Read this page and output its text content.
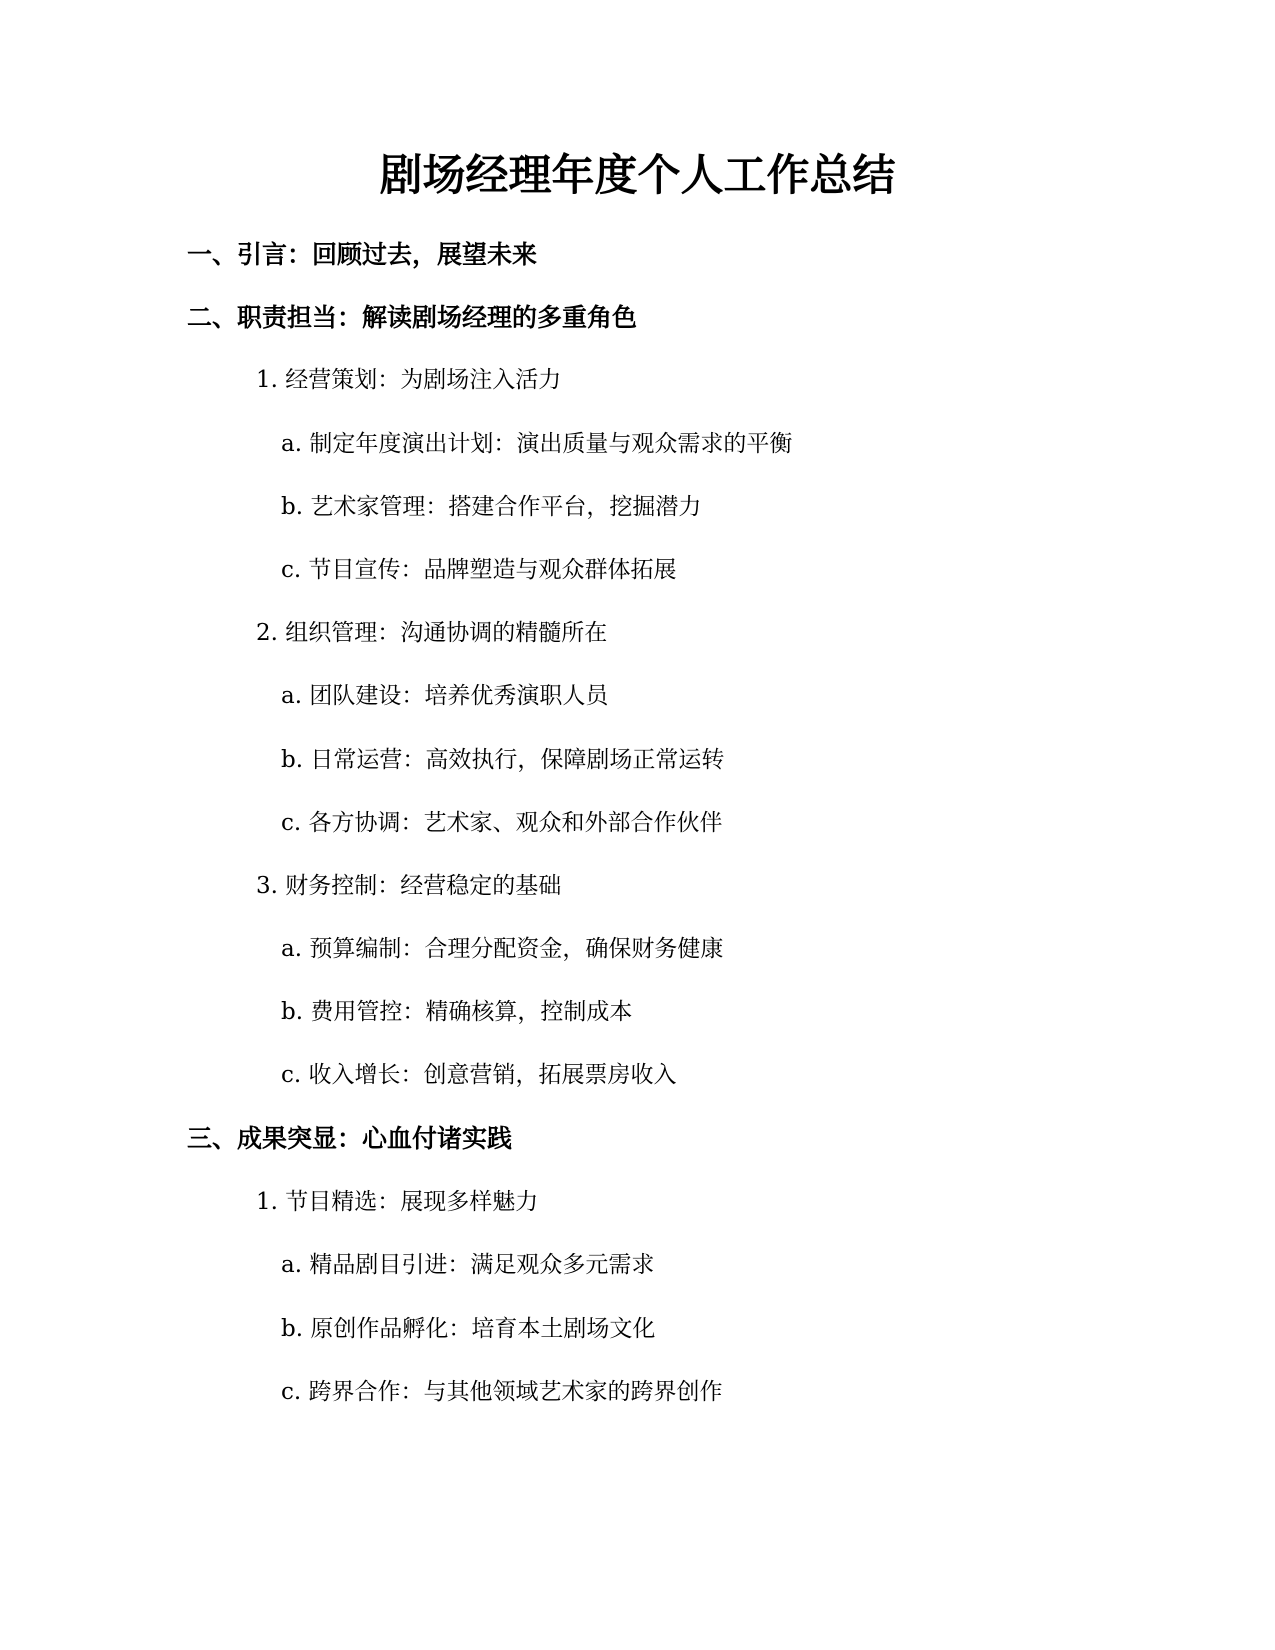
剧场经理年度个人工作总结
一、引言：回顾过去，展望未来
二、职责担当：解读剧场经理的多重角色

1. 经营策划：为剧场注入活力

a. 制定年度演出计划：演出质量与观众需求的平衡

b. 艺术家管理：搭建合作平台，挖掘潜力

c. 节目宣传：品牌塑造与观众群体拓展

2. 组织管理：沟通协调的精髓所在

a. 团队建设：培养优秀演职人员

b. 日常运营：高效执行，保障剧场正常运转

c. 各方协调：艺术家、观众和外部合作伙伴

3. 财务控制：经营稳定的基础

a. 预算编制：合理分配资金，确保财务健康

b. 费用管控：精确核算，控制成本

c. 收入增长：创意营销，拓展票房收入

三、成果突显：心血付诸实践

1. 节目精选：展现多样魅力

a. 精品剧目引进：满足观众多元需求

b. 原创作品孵化：培育本土剧场文化

c. 跨界合作：与其他领域艺术家的跨界创作
